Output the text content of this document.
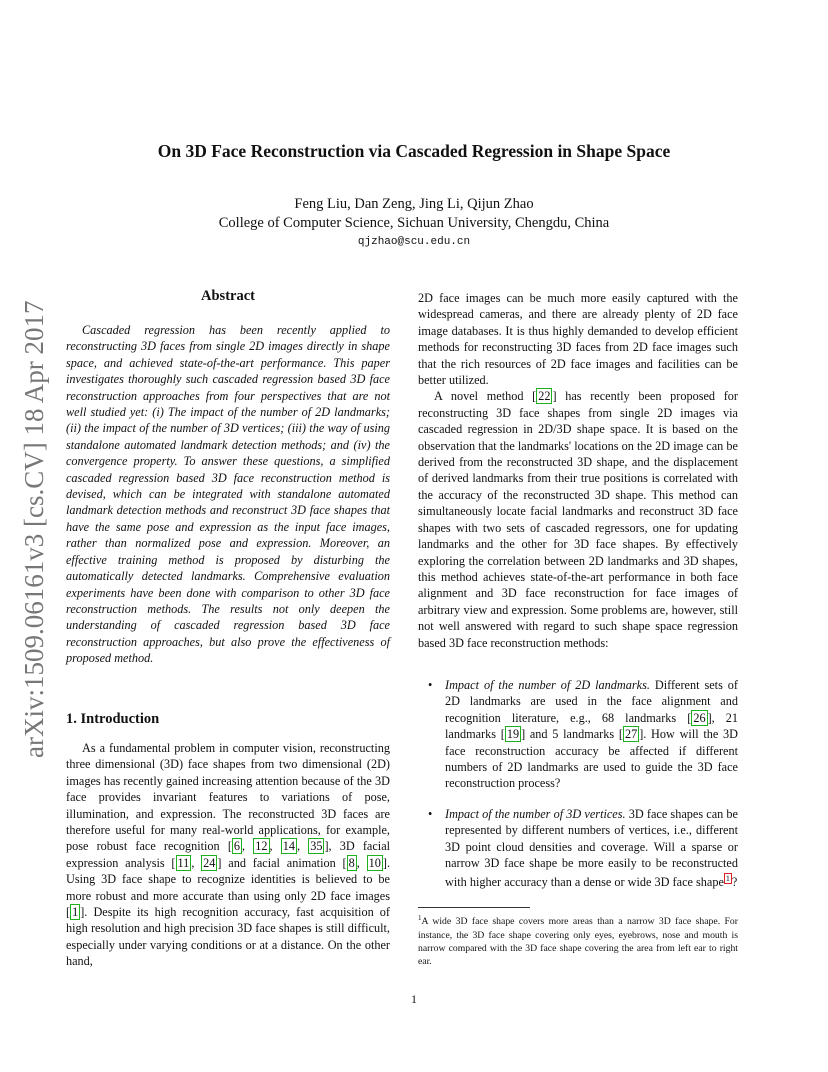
arXiv:1509.06161v3 [cs.CV] 18 Apr 2017
On 3D Face Reconstruction via Cascaded Regression in Shape Space
Feng Liu, Dan Zeng, Jing Li, Qijun Zhao
College of Computer Science, Sichuan University, Chengdu, China
qjzhao@scu.edu.cn
Abstract

Cascaded regression has been recently applied to reconstructing 3D faces from single 2D images directly in shape space, and achieved state-of-the-art performance. This paper investigates thoroughly such cascaded regression based 3D face reconstruction approaches from four perspectives that are not well studied yet: (i) The impact of the number of 2D landmarks; (ii) the impact of the number of 3D vertices; (iii) the way of using standalone automated landmark detection methods; and (iv) the convergence property. To answer these questions, a simplified cascaded regression based 3D face reconstruction method is devised, which can be integrated with standalone automated landmark detection methods and reconstruct 3D face shapes that have the same pose and expression as the input face images, rather than normalized pose and expression. Moreover, an effective training method is proposed by disturbing the automatically detected landmarks. Comprehensive evaluation experiments have been done with comparison to other 3D face reconstruction methods. The results not only deepen the understanding of cascaded regression based 3D face reconstruction approaches, but also prove the effectiveness of proposed method.

1. Introduction

As a fundamental problem in computer vision, reconstructing three dimensional (3D) face shapes from two dimensional (2D) images has recently gained increasing attention because of the 3D face provides invariant features to variations of pose, illumination, and expression. The reconstructed 3D faces are therefore useful for many real-world applications, for example, pose robust face recognition [ 6 , 12 , 14 , 35 ], 3D facial expression analysis [ 11 , 24 ] and facial animation [ 8 , 10 ]. Using 3D face shape to recognize identities is believed to be more robust and more accurate than using only 2D face images [ 1 ]. Despite its high recognition accuracy, fast acquisition of high resolution and high precision 3D face shapes is still difficult, especially under varying conditions or at a distance. On the other hand,

2D face images can be much more easily captured with the widespread cameras, and there are already plenty of 2D face image databases. It is thus highly demanded to develop efficient methods for reconstructing 3D faces from 2D face images such that the rich resources of 2D face images and facilities can be better utilized.

A novel method [ 22 ] has recently been proposed for reconstructing 3D face shapes from single 2D images via cascaded regression in 2D/3D shape space. It is based on the observation that the landmarks' locations on the 2D image can be derived from the reconstructed 3D shape, and the displacement of derived landmarks from their true positions is correlated with the accuracy of the reconstructed 3D shape. This method can simultaneously locate facial landmarks and reconstruct 3D face shapes with two sets of cascaded regressors, one for updating landmarks and the other for 3D face shapes. By effectively exploring the correlation between 2D landmarks and 3D shapes, this method achieves state-of-the-art performance in both face alignment and 3D face reconstruction for face images of arbitrary view and expression. Some problems are, however, still not well answered with regard to such shape space regression based 3D face reconstruction methods:

• Impact of the number of 2D landmarks. Different sets of 2D landmarks are used in the face alignment and recognition literature, e.g., 68 landmarks [ 26 ], 21 landmarks [ 19 ] and 5 landmarks [ 27 ]. How will the 3D face reconstruction accuracy be affected if different numbers of 2D landmarks are used to guide the 3D face reconstruction process?
• Impact of the number of 3D vertices. 3D face shapes can be represented by different numbers of vertices, i.e., different 3D point cloud densities and coverage. Will a sparse or narrow 3D face shape be more easily to be reconstructed with higher accuracy than a dense or wide 3D face shape $^1$ ?
$^1$A wide 3D face shape covers more areas than a narrow 3D face shape. For instance, the 3D face shape covering only eyes, eyebrows, nose and mouth is narrow compared with the 3D face shape covering the area from left ear to right ear.
1
